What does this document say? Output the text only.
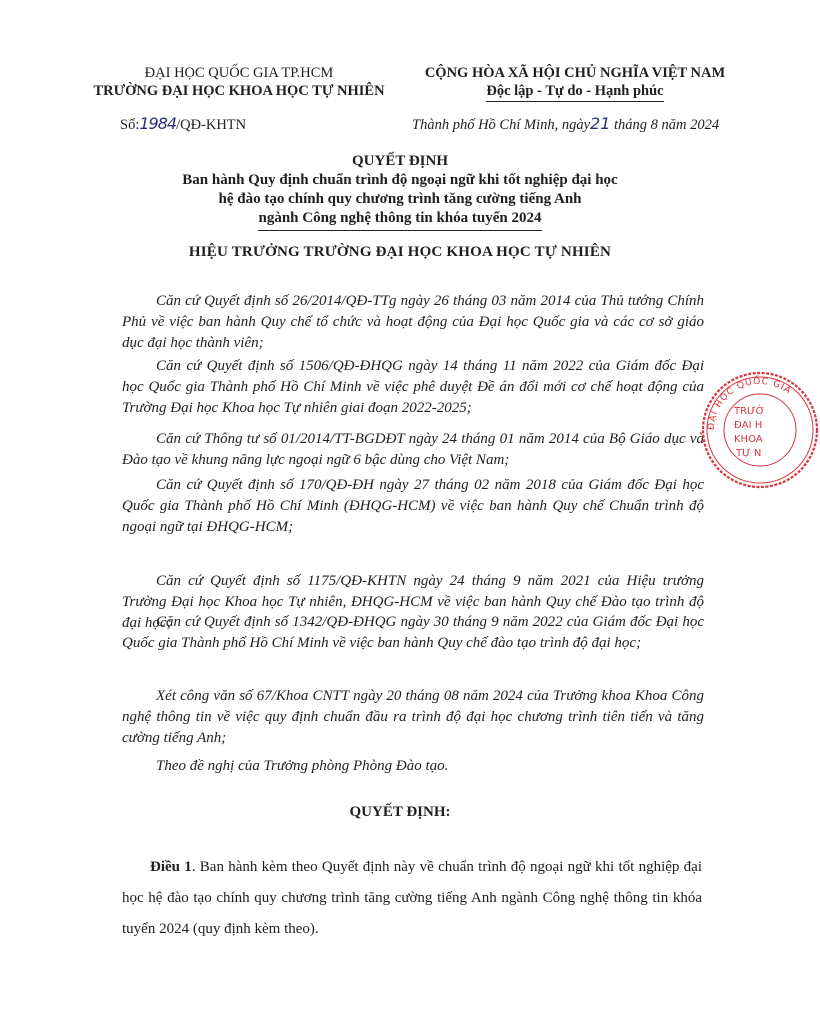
ĐẠI HỌC QUỐC GIA TP.HCM
TRƯỜNG ĐẠI HỌC KHOA HỌC TỰ NHIÊN
CỘNG HÒA XÃ HỘI CHỦ NGHĨA VIỆT NAM
Độc lập - Tự do - Hạnh phúc
Số:1984/QĐ-KHTN	Thành phố Hồ Chí Minh, ngày21 tháng 8 năm 2024
QUYẾT ĐỊNH
Ban hành Quy định chuẩn trình độ ngoại ngữ khi tốt nghiệp đại học
hệ đào tạo chính quy chương trình tăng cường tiếng Anh
ngành Công nghệ thông tin khóa tuyển 2024
HIỆU TRƯỞNG TRƯỜNG ĐẠI HỌC KHOA HỌC TỰ NHIÊN
Căn cứ Quyết định số 26/2014/QĐ-TTg ngày 26 tháng 03 năm 2014 của Thủ tướng Chính Phủ về việc ban hành Quy chế tổ chức và hoạt động của Đại học Quốc gia và các cơ sở giáo dục đại học thành viên;
Căn cứ Quyết định số 1506/QĐ-ĐHQG ngày 14 tháng 11 năm 2022 của Giám đốc Đại học Quốc gia Thành phố Hồ Chí Minh về việc phê duyệt Đề án đổi mới cơ chế hoạt động của Trường Đại học Khoa học Tự nhiên giai đoạn 2022-2025;
Căn cứ Thông tư số 01/2014/TT-BGDĐT ngày 24 tháng 01 năm 2014 của Bộ Giáo dục và Đào tạo về khung năng lực ngoại ngữ 6 bậc dùng cho Việt Nam;
Căn cứ Quyết định số 170/QĐ-ĐH ngày 27 tháng 02 năm 2018 của Giám đốc Đại học Quốc gia Thành phố Hồ Chí Minh (ĐHQG-HCM) về việc ban hành Quy chế Chuẩn trình độ ngoại ngữ tại ĐHQG-HCM;
Căn cứ Quyết định số 1175/QĐ-KHTN ngày 24 tháng 9 năm 2021 của Hiệu trưởng Trường Đại học Khoa học Tự nhiên, ĐHQG-HCM về việc ban hành Quy chế Đào tạo trình độ đại học;
Căn cứ Quyết định số 1342/QĐ-ĐHQG ngày 30 tháng 9 năm 2022 của Giám đốc Đại học Quốc gia Thành phố Hồ Chí Minh về việc ban hành Quy chế đào tạo trình độ đại học;
Xét công văn số 67/Khoa CNTT ngày 20 tháng 08 năm 2024 của Trưởng khoa Khoa Công nghệ thông tin về việc quy định chuẩn đầu ra trình độ đại học chương trình tiên tiến và tăng cường tiếng Anh;
Theo đề nghị của Trưởng phòng Phòng Đào tạo.
QUYẾT ĐỊNH:
Điều 1. Ban hành kèm theo Quyết định này về chuẩn trình độ ngoại ngữ khi tốt nghiệp đại học hệ đào tạo chính quy chương trình tăng cường tiếng Anh ngành Công nghệ thông tin khóa tuyển 2024 (quy định kèm theo).
ĐẠI HỌC QUỐC GIA
TRƯỜ
ĐẠI H
KHOA
TỰ N
